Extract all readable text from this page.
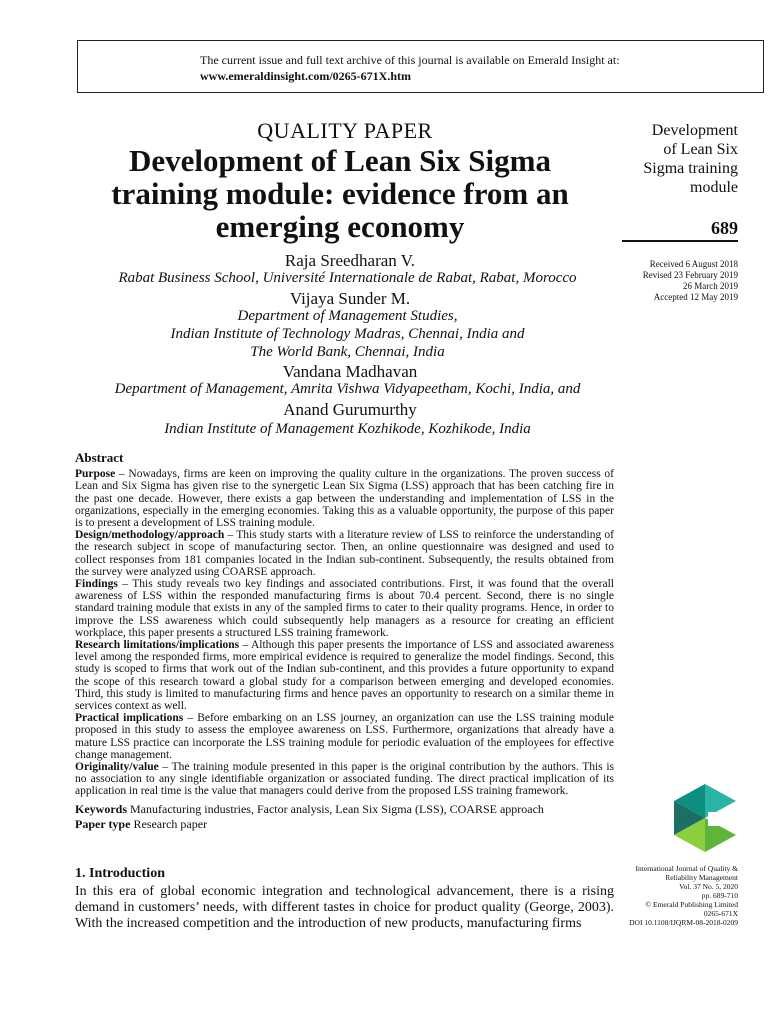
The current issue and full text archive of this journal is available on Emerald Insight at:
www.emeraldinsight.com/0265-671X.htm
QUALITY PAPER
Development of Lean Six Sigma
training module: evidence from an
emerging economy
Raja Sreedharan V.
Rabat Business School, Université Internationale de Rabat, Rabat, Morocco
Vijaya Sunder M.
Department of Management Studies,
Indian Institute of Technology Madras, Chennai, India and
The World Bank, Chennai, India
Vandana Madhavan
Department of Management, Amrita Vishwa Vidyapeetham, Kochi, India, and
Anand Gurumurthy
Indian Institute of Management Kozhikode, Kozhikode, India
Development
of Lean Six
Sigma training
module
689
Received 6 August 2018
Revised 23 February 2019
26 March 2019
Accepted 12 May 2019
Abstract

Purpose – Nowadays, firms are keen on improving the quality culture in the organizations. The proven success of Lean and Six Sigma has given rise to the synergetic Lean Six Sigma (LSS) approach that has been catching fire in the past one decade. However, there exists a gap between the understanding and implementation of LSS in the organizations, especially in the emerging economies. Taking this as a valuable opportunity, the purpose of this paper is to present a development of LSS training module.

Design/methodology/approach – This study starts with a literature review of LSS to reinforce the understanding of the research subject in scope of manufacturing sector. Then, an online questionnaire was designed and used to collect responses from 181 companies located in the Indian sub-continent. Subsequently, the results obtained from the survey were analyzed using COARSE approach.

Findings – This study reveals two key findings and associated contributions. First, it was found that the overall awareness of LSS within the responded manufacturing firms is about 70.4 percent. Second, there is no single standard training module that exists in any of the sampled firms to cater to their quality programs. Hence, in order to improve the LSS awareness which could subsequently help managers as a resource for creating an efficient workplace, this paper presents a structured LSS training framework.

Research limitations/implications – Although this paper presents the importance of LSS and associated awareness level among the responded firms, more empirical evidence is required to generalize the model findings. Second, this study is scoped to firms that work out of the Indian sub-continent, and this provides a future opportunity to expand the scope of this research toward a global study for a comparison between emerging and developed economies. Third, this study is limited to manufacturing firms and hence paves an opportunity to research on a similar theme in services context as well.

Practical implications – Before embarking on an LSS journey, an organization can use the LSS training module proposed in this study to assess the employee awareness on LSS. Furthermore, organizations that already have a mature LSS practice can incorporate the LSS training module for periodic evaluation of the employees for effective change management.

Originality/value – The training module presented in this paper is the original contribution by the authors. This is no association to any single identifiable organization or associated funding. The direct practical implication of its application in real time is the value that managers could derive from the proposed LSS training framework.

Keywords Manufacturing industries, Factor analysis, Lean Six Sigma (LSS), COARSE approach
Paper type Research paper
1. Introduction
In this era of global economic integration and technological advancement, there is a rising demand in customers’ needs, with different tastes in choice for product quality (George, 2003). With the increased competition and the introduction of new products, manufacturing firms
International Journal of Quality &
Reliability Management
Vol. 37 No. 5, 2020
pp. 689-710
© Emerald Publishing Limited
0265-671X
DOI 10.1108/IJQRM-08-2018-0209
